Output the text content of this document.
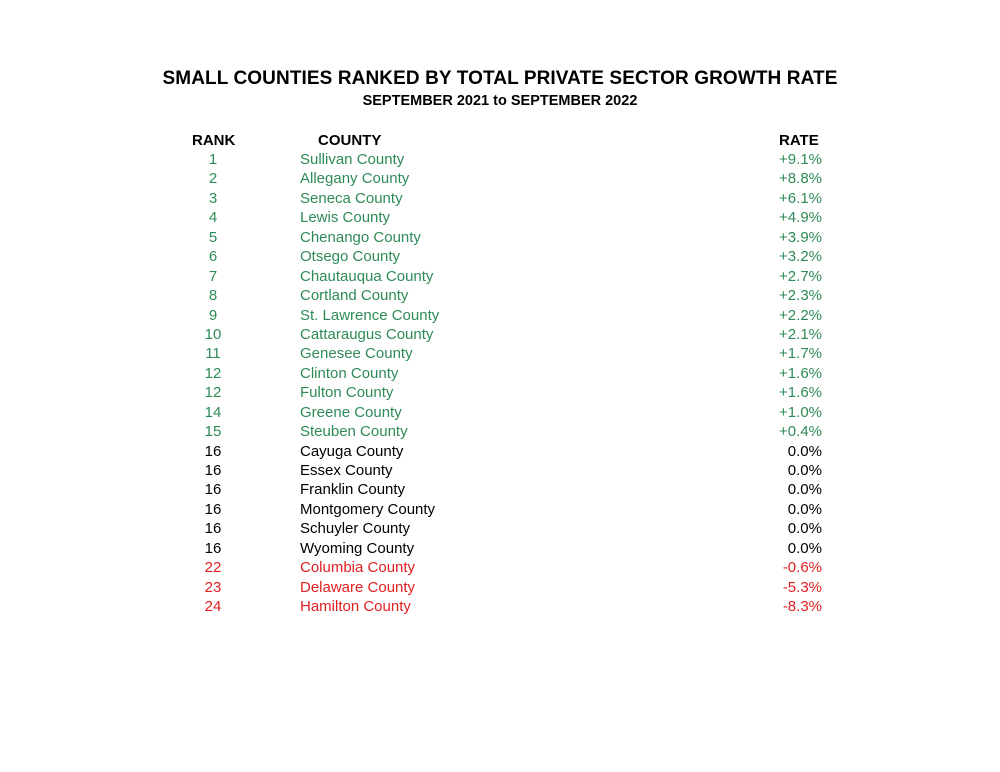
SMALL COUNTIES RANKED BY TOTAL PRIVATE SECTOR GROWTH RATE
SEPTEMBER 2021 to SEPTEMBER 2022
RANK	COUNTY	RATE
1	Sullivan County	+9.1%
2	Allegany County	+8.8%
3	Seneca County	+6.1%
4	Lewis County	+4.9%
5	Chenango County	+3.9%
6	Otsego County	+3.2%
7	Chautauqua County	+2.7%
8	Cortland County	+2.3%
9	St. Lawrence County	+2.2%
10	Cattaraugus County	+2.1%
11	Genesee County	+1.7%
12	Clinton County	+1.6%
12	Fulton County	+1.6%
14	Greene County	+1.0%
15	Steuben County	+0.4%
16	Cayuga County	0.0%
16	Essex County	0.0%
16	Franklin County	0.0%
16	Montgomery County	0.0%
16	Schuyler County	0.0%
16	Wyoming County	0.0%
22	Columbia County	-0.6%
23	Delaware County	-5.3%
24	Hamilton County	-8.3%
